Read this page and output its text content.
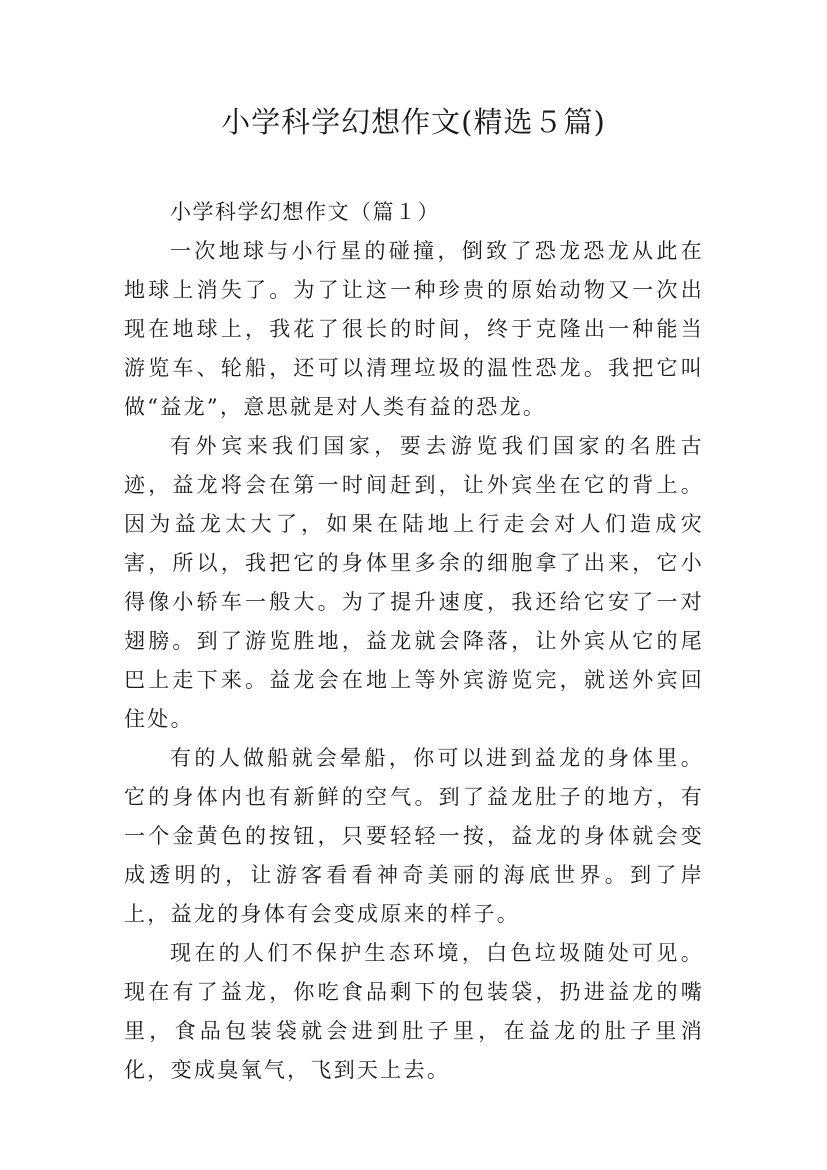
小学科学幻想作文(精选５篇)

小学科学幻想作文（篇１）

一次地球与小行星的碰撞，倒致了恐龙恐龙从此在地球上消失了。为了让这一种珍贵的原始动物又一次出现在地球上，我花了很长的时间，终于克隆出一种能当游览车、轮船，还可以清理垃圾的温性恐龙。我把它叫做“益龙”，意思就是对人类有益的恐龙。

有外宾来我们国家，要去游览我们国家的名胜古迹，益龙将会在第一时间赶到，让外宾坐在它的背上。因为益龙太大了，如果在陆地上行走会对人们造成灾害，所以，我把它的身体里多余的细胞拿了出来，它小得像小轿车一般大。为了提升速度，我还给它安了一对翅膀。到了游览胜地，益龙就会降落，让外宾从它的尾巴上走下来。益龙会在地上等外宾游览完，就送外宾回住处。

有的人做船就会晕船，你可以进到益龙的身体里。它的身体内也有新鲜的空气。到了益龙肚子的地方，有一个金黄色的按钮，只要轻轻一按，益龙的身体就会变成透明的，让游客看看神奇美丽的海底世界。到了岸上，益龙的身体有会变成原来的样子。

现在的人们不保护生态环境，白色垃圾随处可见。现在有了益龙，你吃食品剩下的包装袋，扔进益龙的嘴里，食品包装袋就会进到肚子里，在益龙的肚子里消化，变成臭氧气，飞到天上去。
